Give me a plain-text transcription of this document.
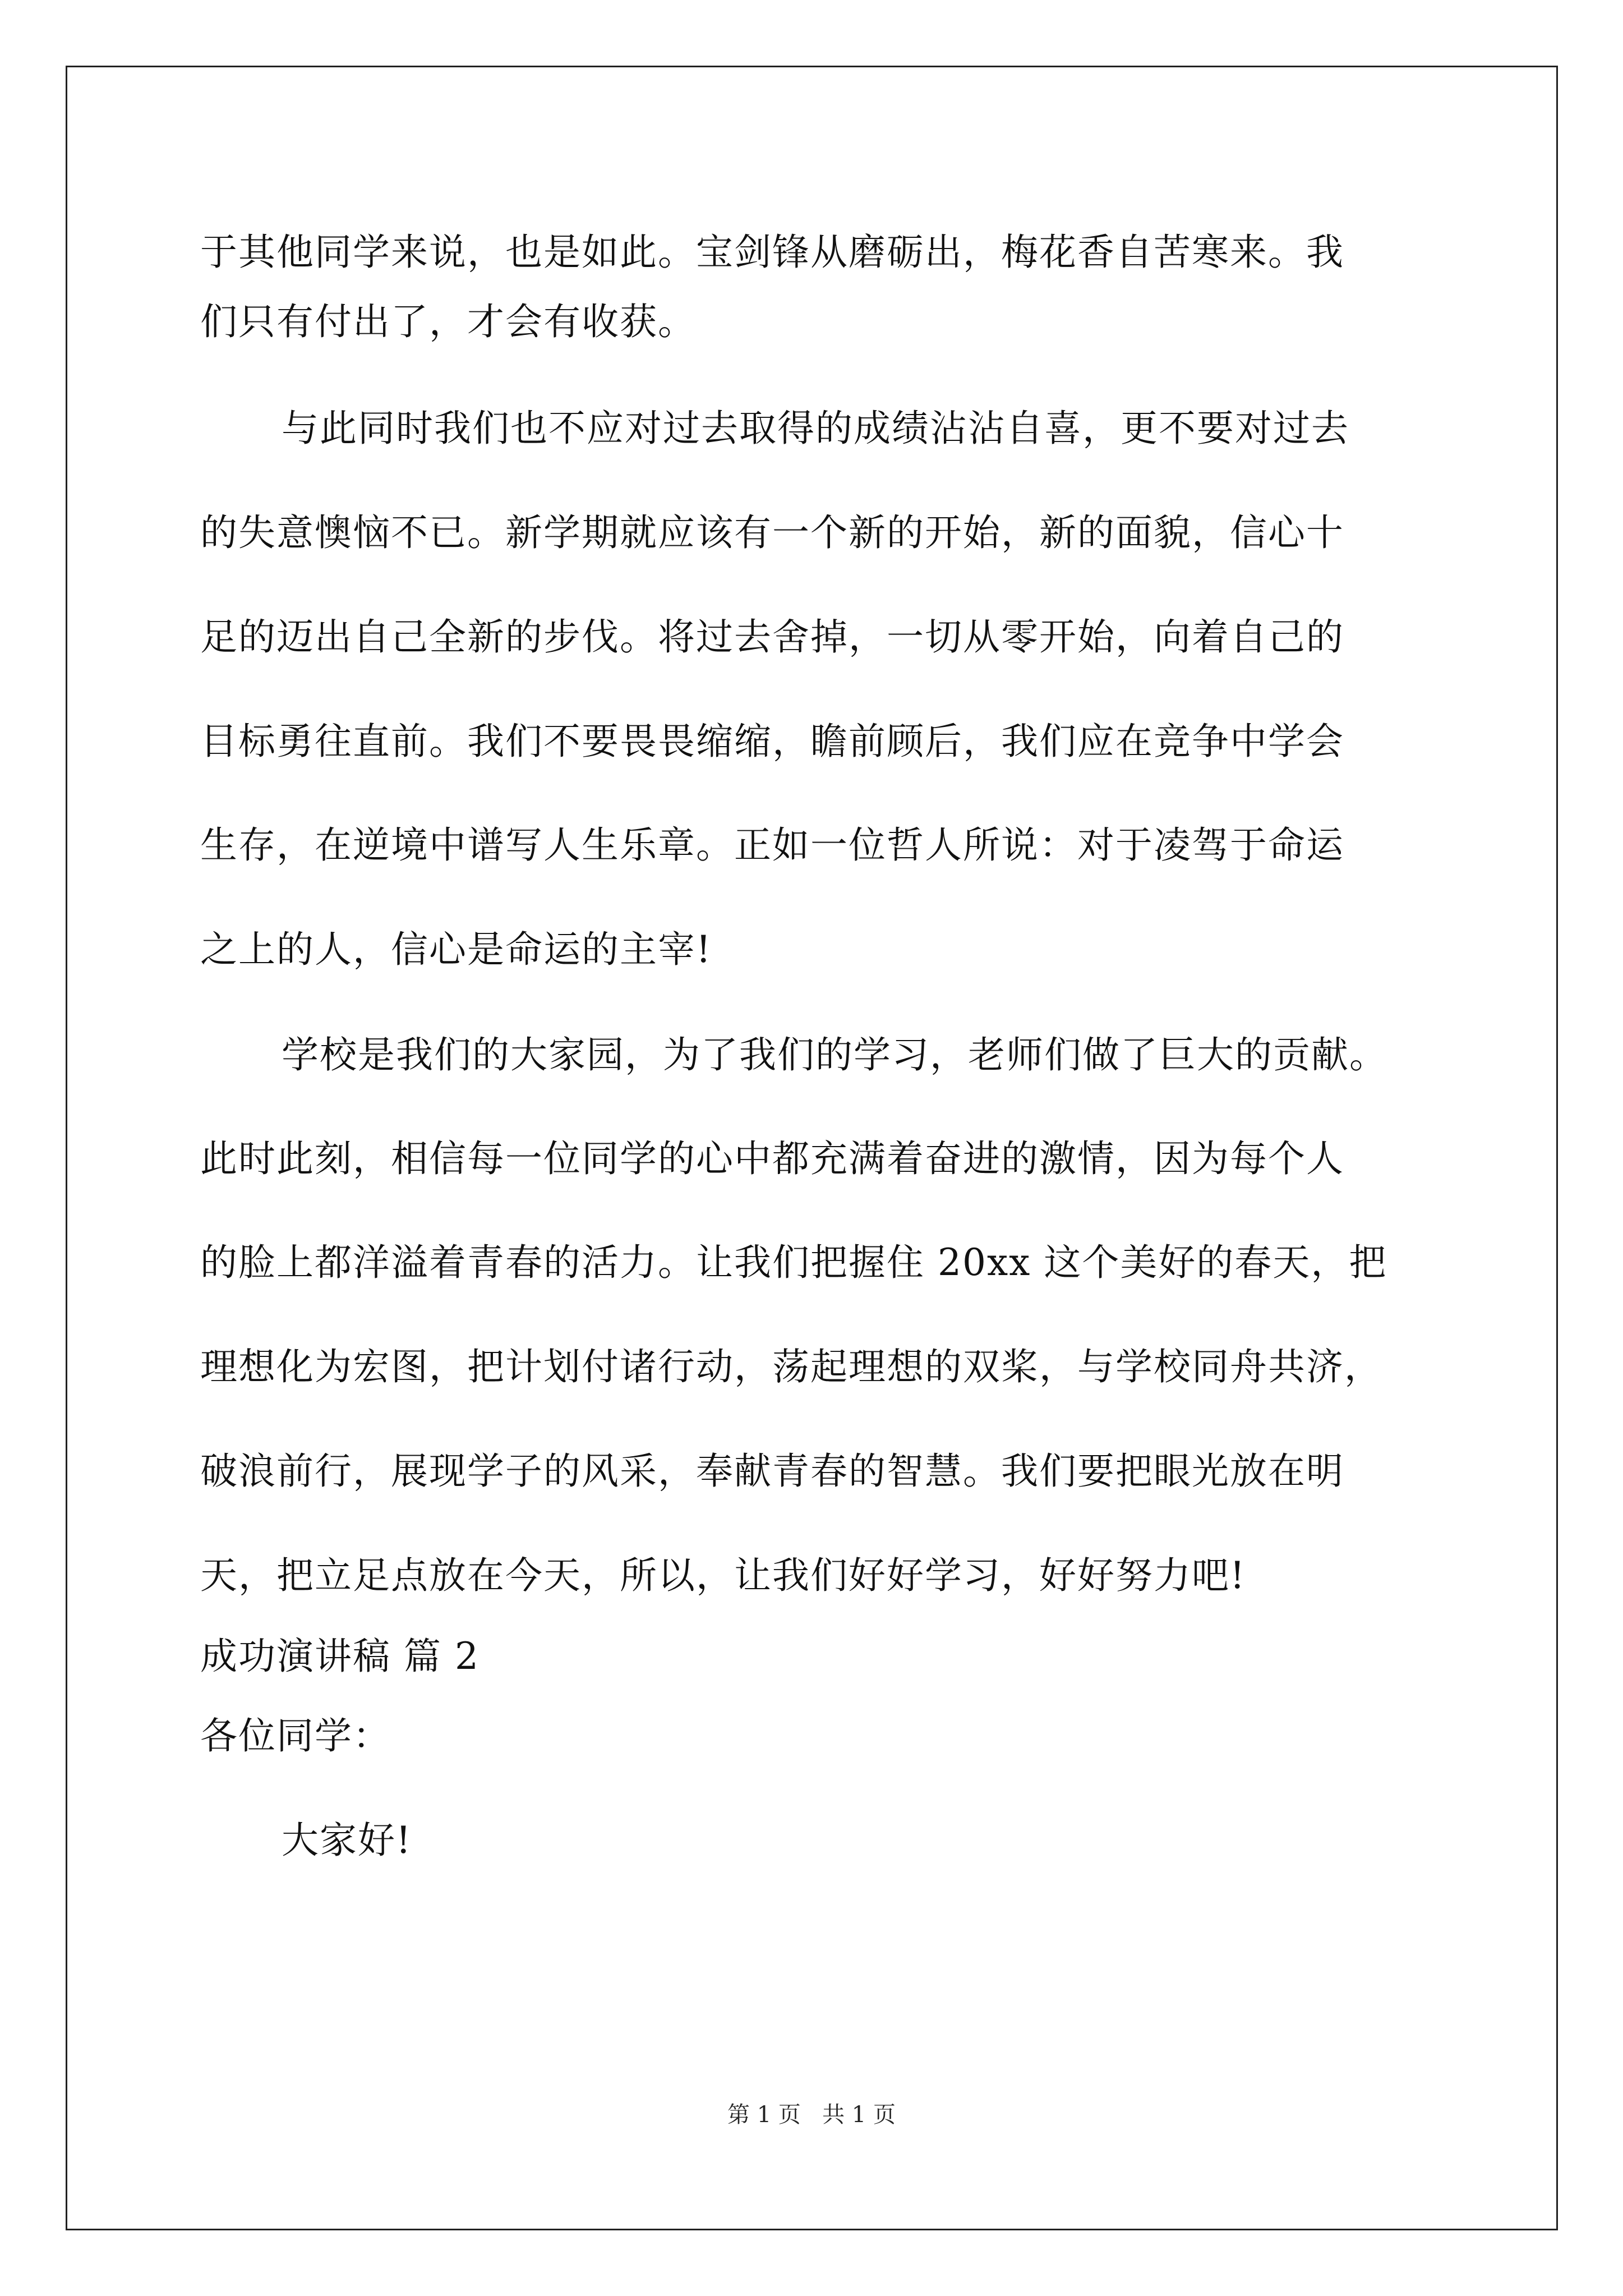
于其他同学来说，也是如此。宝剑锋从磨砺出，梅花香自苦寒来。我
们只有付出了，才会有收获。
与此同时我们也不应对过去取得的成绩沾沾自喜，更不要对过去
的失意懊恼不已。新学期就应该有一个新的开始，新的面貌，信心十
足的迈出自己全新的步伐。将过去舍掉，一切从零开始，向着自己的
目标勇往直前。我们不要畏畏缩缩，瞻前顾后，我们应在竞争中学会
生存，在逆境中谱写人生乐章。正如一位哲人所说：对于凌驾于命运
之上的人，信心是命运的主宰!
学校是我们的大家园，为了我们的学习，老师们做了巨大的贡献。
此时此刻，相信每一位同学的心中都充满着奋进的激情，因为每个人
的脸上都洋溢着青春的活力。让我们把握住 20xx 这个美好的春天，把
理想化为宏图，把计划付诸行动，荡起理想的双桨，与学校同舟共济，
破浪前行，展现学子的风采，奉献青春的智慧。我们要把眼光放在明
天，把立足点放在今天，所以，让我们好好学习，好好努力吧!
成功演讲稿 篇 2
各位同学：
大家好!
第 1 页   共 1 页
